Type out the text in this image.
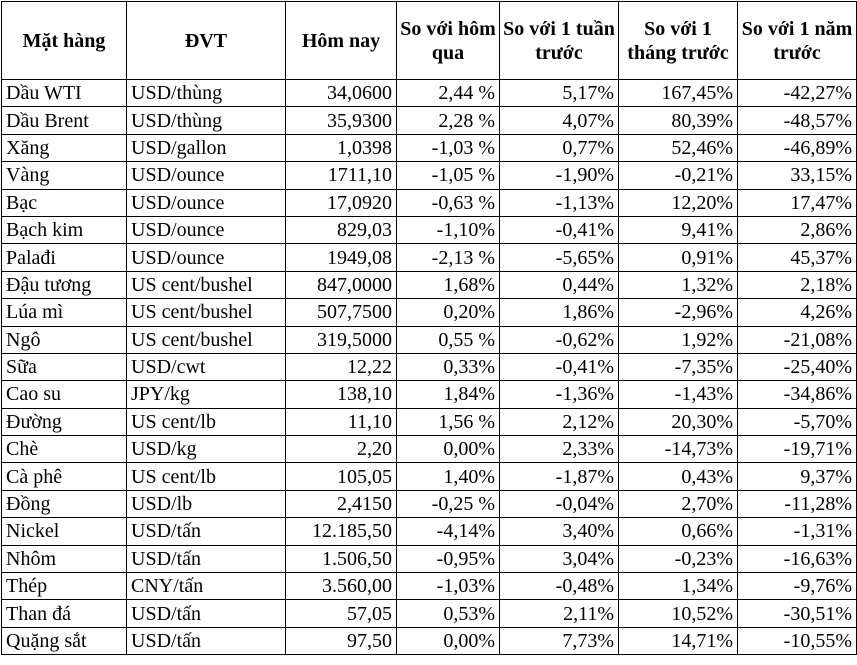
Mặt hàng	ĐVT	Hôm nay	So với hôm qua	So với 1 tuần trước	So với 1 tháng trước	So với 1 năm trước
Dầu WTI	USD/thùng	34,0600	2,44 %	5,17%	167,45%	-42,27%
Dầu Brent	USD/thùng	35,9300	2,28 %	4,07%	80,39%	-48,57%
Xăng	USD/gallon	1,0398	-1,03 %	0,77%	52,46%	-46,89%
Vàng	USD/ounce	1711,10	-1,05 %	-1,90%	-0,21%	33,15%
Bạc	USD/ounce	17,0920	-0,63 %	-1,13%	12,20%	17,47%
Bạch kim	USD/ounce	829,03	-1,10%	-0,41%	9,41%	2,86%
Palađi	USD/ounce	1949,08	-2,13 %	-5,65%	0,91%	45,37%
Đậu tương	US cent/bushel	847,0000	1,68%	0,44%	1,32%	2,18%
Lúa mì	US cent/bushel	507,7500	0,20%	1,86%	-2,96%	4,26%
Ngô	US cent/bushel	319,5000	0,55 %	-0,62%	1,92%	-21,08%
Sữa	USD/cwt	12,22	0,33%	-0,41%	-7,35%	-25,40%
Cao su	JPY/kg	138,10	1,84%	-1,36%	-1,43%	-34,86%
Đường	US cent/lb	11,10	1,56 %	2,12%	20,30%	-5,70%
Chè	USD/kg	2,20	0,00%	2,33%	-14,73%	-19,71%
Cà phê	US cent/lb	105,05	1,40%	-1,87%	0,43%	9,37%
Đồng	USD/lb	2,4150	-0,25 %	-0,04%	2,70%	-11,28%
Nickel	USD/tấn	12.185,50	-4,14%	3,40%	0,66%	-1,31%
Nhôm	USD/tấn	1.506,50	-0,95%	3,04%	-0,23%	-16,63%
Thép	CNY/tấn	3.560,00	-1,03%	-0,48%	1,34%	-9,76%
Than đá	USD/tấn	57,05	0,53%	2,11%	10,52%	-30,51%
Quặng sắt	USD/tấn	97,50	0,00%	7,73%	14,71%	-10,55%
